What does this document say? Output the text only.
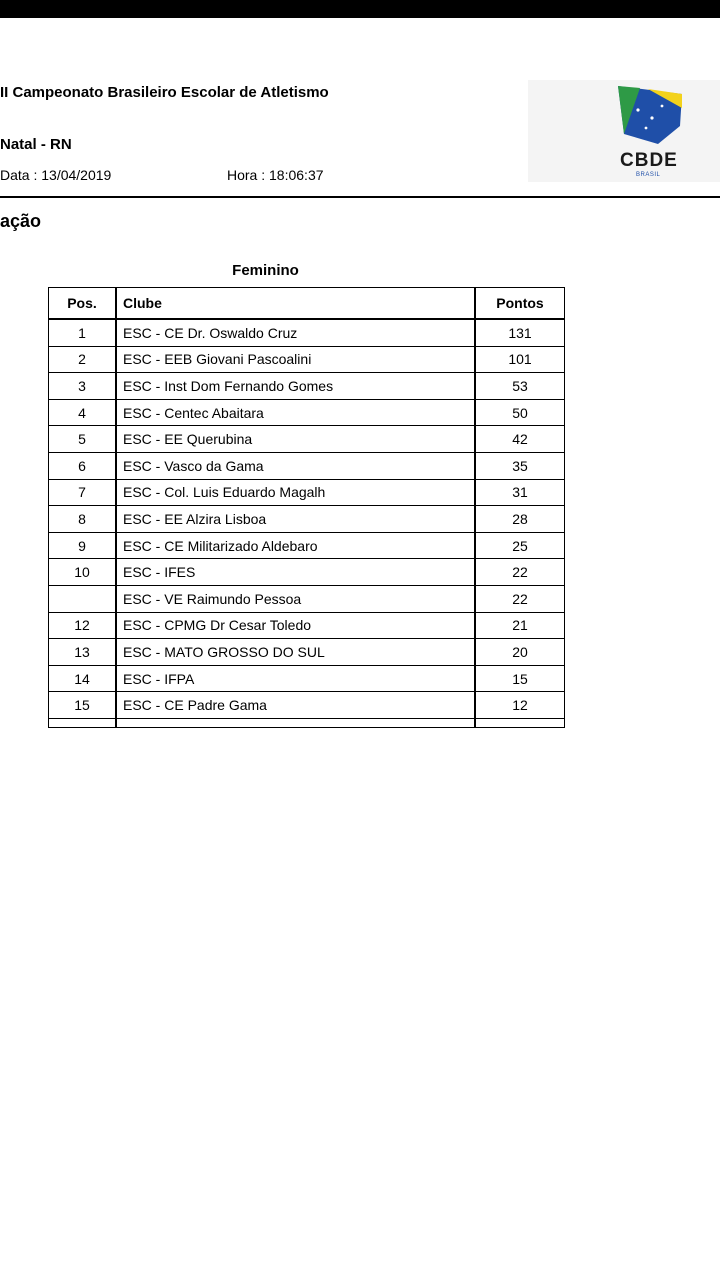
II Campeonato Brasileiro Escolar de Atletismo
Natal - RN
Data : 13/04/2019	Hora : 18:06:37
CBDE
BRASIL
ação
Feminino
Pos.	Clube	Pontos
1	ESC - CE Dr. Oswaldo Cruz	131
2	ESC - EEB Giovani Pascoalini	101
3	ESC - Inst Dom Fernando Gomes	53
4	ESC - Centec Abaitara	50
5	ESC - EE Querubina	42
6	ESC - Vasco da Gama	35
7	ESC - Col. Luis Eduardo Magalh	31
8	ESC - EE Alzira Lisboa	28
9	ESC - CE Militarizado Aldebaro	25
10	ESC - IFES	22
	ESC - VE Raimundo Pessoa	22
12	ESC - CPMG Dr Cesar Toledo	21
13	ESC - MATO GROSSO DO SUL	20
14	ESC - IFPA	15
15	ESC - CE Padre Gama	12
